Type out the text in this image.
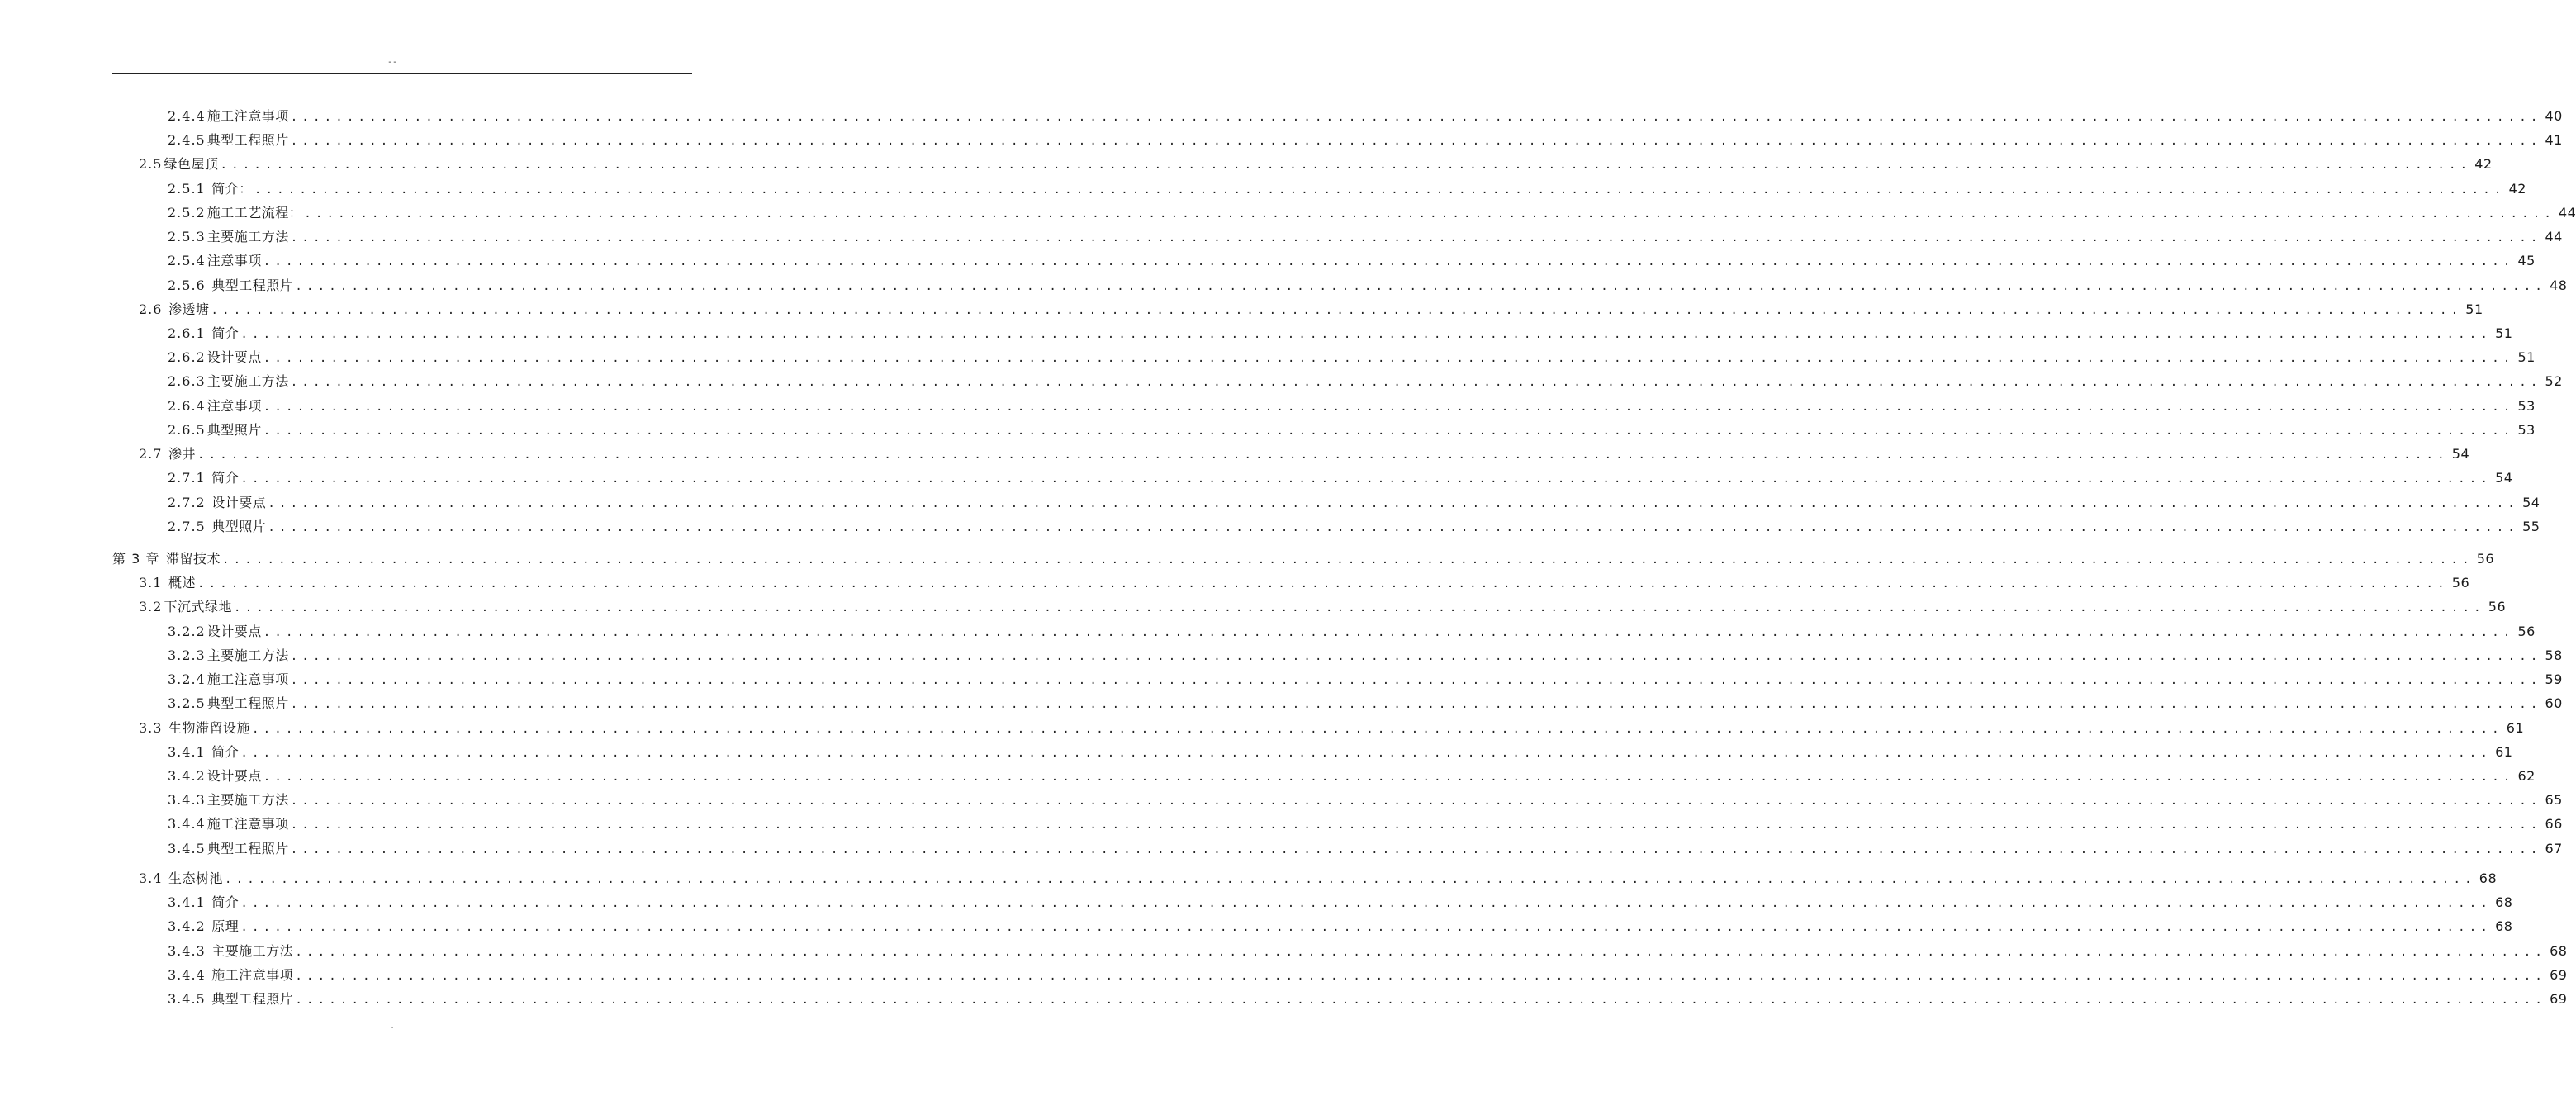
--
2.4.4 施工注意事项 ........................................................................................................................................................................................................ 40
2.4.5 典型工程照片 ........................................................................................................................................................................................................ 41
2.5 绿色屋顶 ........................................................................................................................................................................................................ 42
2.5.1 简介： ........................................................................................................................................................................................................ 42
2.5.2 施工工艺流程： ........................................................................................................................................................................................................ 44
2.5.3 主要施工方法 ........................................................................................................................................................................................................ 44
2.5.4 注意事项 ........................................................................................................................................................................................................ 45
2.5.6 典型工程照片 ........................................................................................................................................................................................................ 48
2.6 渗透塘 ........................................................................................................................................................................................................ 51
2.6.1 简介 ........................................................................................................................................................................................................ 51
2.6.2 设计要点 ........................................................................................................................................................................................................ 51
2.6.3 主要施工方法 ........................................................................................................................................................................................................ 52
2.6.4 注意事项 ........................................................................................................................................................................................................ 53
2.6.5 典型照片 ........................................................................................................................................................................................................ 53
2.7 渗井 ........................................................................................................................................................................................................ 54
2.7.1 简介 ........................................................................................................................................................................................................ 54
2.7.2 设计要点 ........................................................................................................................................................................................................ 54
2.7.5 典型照片 ........................................................................................................................................................................................................ 55
第 3 章 滞留技术 ........................................................................................................................................................................................................ 56
3.1 概述 ........................................................................................................................................................................................................ 56
3.2 下沉式绿地 ........................................................................................................................................................................................................ 56
3.2.2 设计要点 ........................................................................................................................................................................................................ 56
3.2.3 主要施工方法 ........................................................................................................................................................................................................ 58
3.2.4 施工注意事项 ........................................................................................................................................................................................................ 59
3.2.5 典型工程照片 ........................................................................................................................................................................................................ 60
3.3 生物滞留设施 ........................................................................................................................................................................................................ 61
3.4.1 简介 ........................................................................................................................................................................................................ 61
3.4.2 设计要点 ........................................................................................................................................................................................................ 62
3.4.3 主要施工方法 ........................................................................................................................................................................................................ 65
3.4.4 施工注意事项 ........................................................................................................................................................................................................ 66
3.4.5 典型工程照片 ........................................................................................................................................................................................................ 67
3.4 生态树池 ........................................................................................................................................................................................................ 68
3.4.1 简介 ........................................................................................................................................................................................................ 68
3.4.2 原理 ........................................................................................................................................................................................................ 68
3.4.3 主要施工方法 ........................................................................................................................................................................................................ 68
3.4.4 施工注意事项 ........................................................................................................................................................................................................ 69
3.4.5 典型工程照片 ........................................................................................................................................................................................................ 69
.
